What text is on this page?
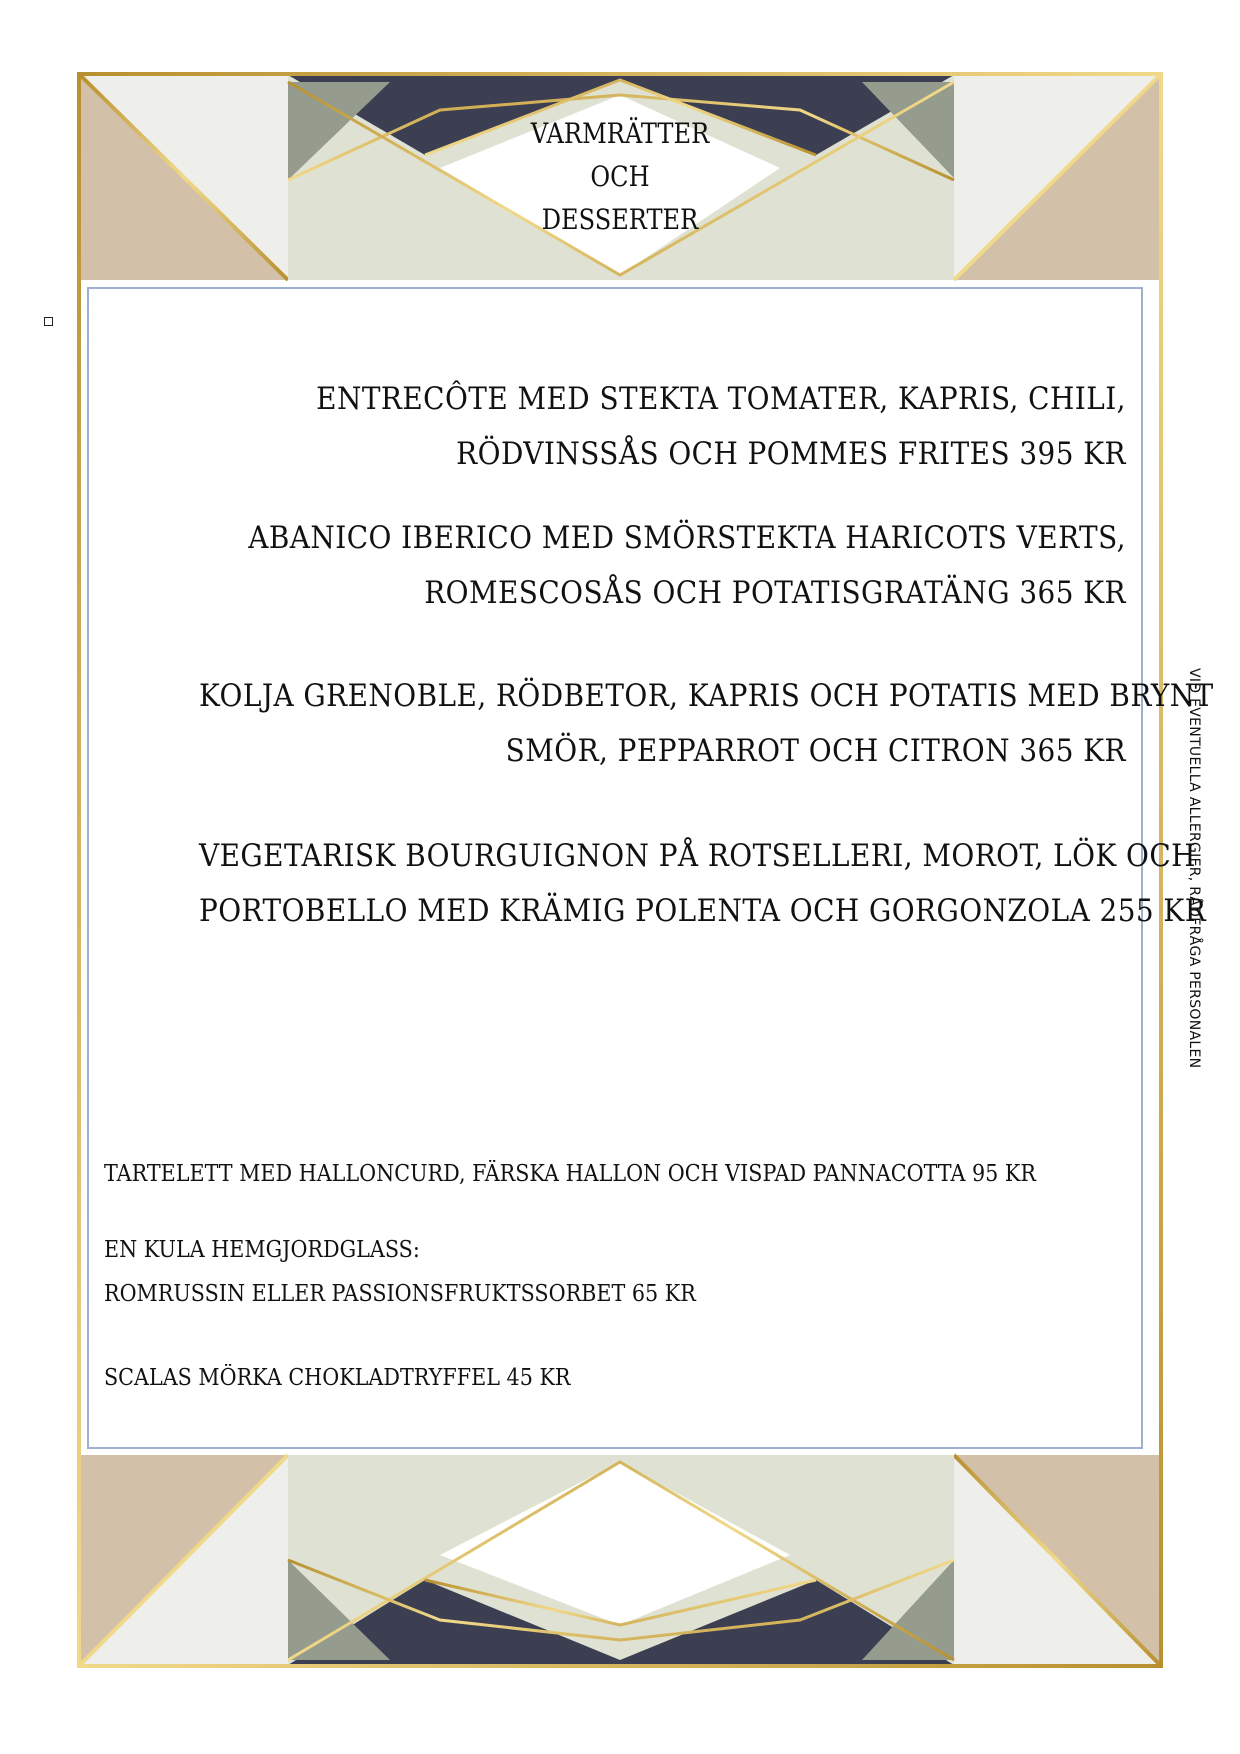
VARMRÄTTER
OCH
DESSERTER

ENTRECÔTE MED STEKTA TOMATER, KAPRIS, CHILI,
RÖDVINSSÅS OCH POMMES FRITES 395 KR

ABANICO IBERICO MED SMÖRSTEKTA HARICOTS VERTS,
ROMESCOSÅS OCH POTATISGRATÄNG 365 KR

KOLJA GRENOBLE, RÖDBETOR, KAPRIS OCH POTATIS MED BRYNT
SMÖR, PEPPARROT OCH CITRON 365 KR

VEGETARISK BOURGUIGNON PÅ ROTSELLERI, MOROT, LÖK OCH
PORTOBELLO MED KRÄMIG POLENTA OCH GORGONZOLA 255 KR

TARTELETT MED HALLONCURD, FÄRSKA HALLON OCH VISPAD PANNACOTTA 95 KR

EN KULA HEMGJORDGLASS:

ROMRUSSIN ELLER PASSIONSFRUKTSSORBET 65 KR

SCALAS MÖRKA CHOKLADTRYFFEL 45 KR

VID EVENTUELLA ALLERGIER, RÅDFRÅGA PERSONALEN
